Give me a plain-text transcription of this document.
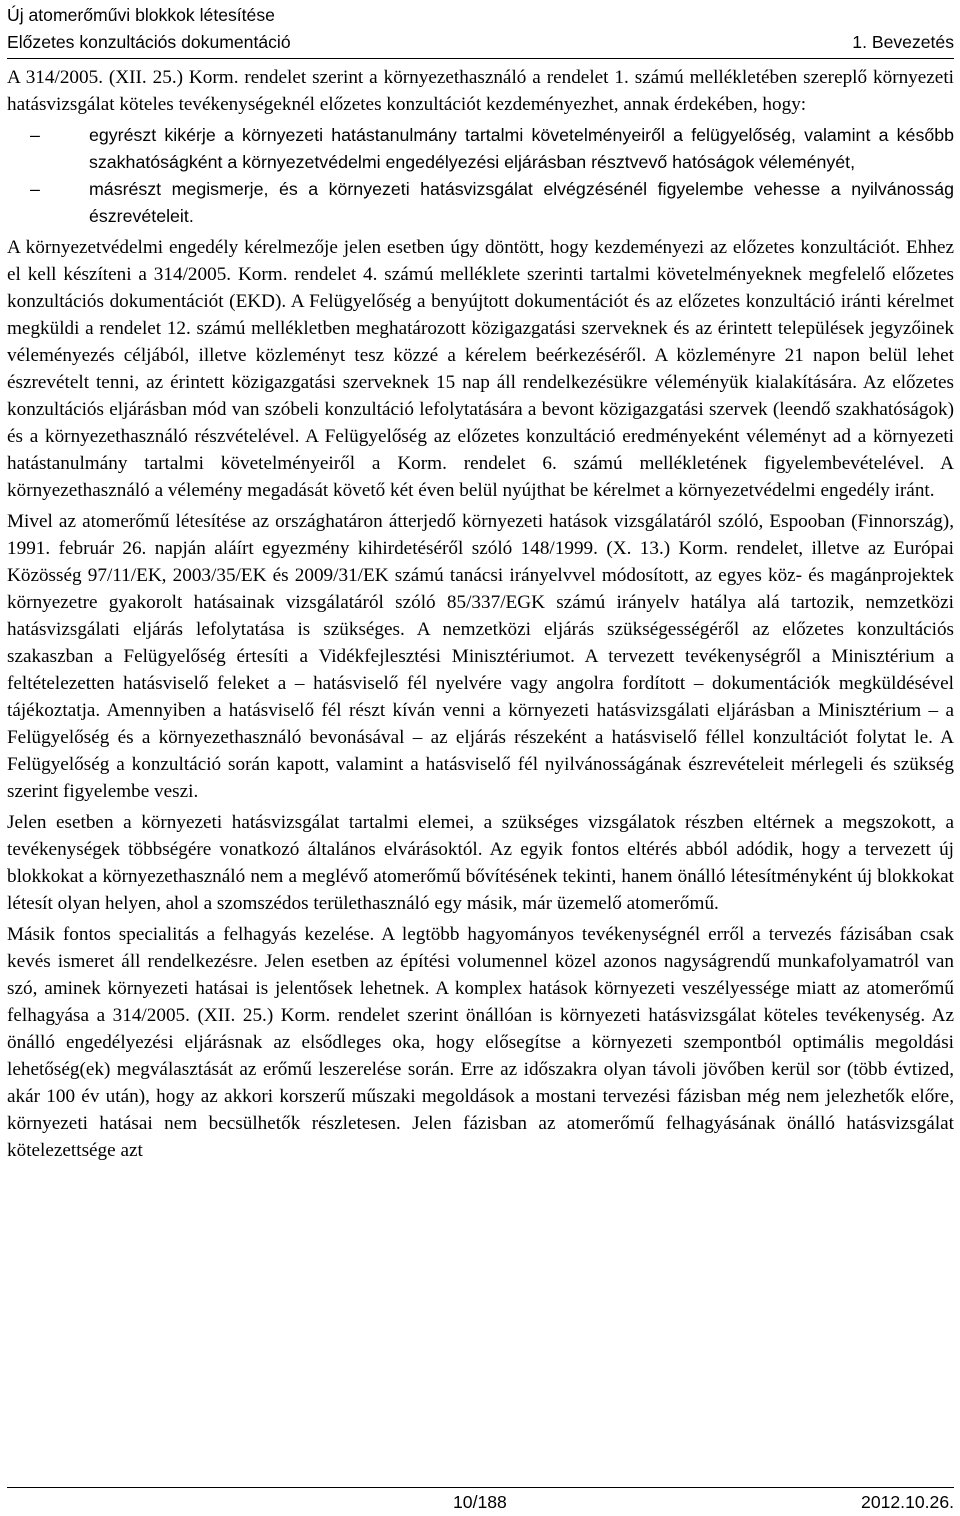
Új atomerőművi blokkok létesítése
Előzetes konzultációs dokumentáció	1. Bevezetés

A 314/2005. (XII. 25.) Korm. rendelet szerint a környezethasználó a rendelet 1. számú mellékletében szereplő környezeti hatásvizsgálat köteles tevékenységeknél előzetes konzultációt kezdeményezhet, annak érdekében, hogy:

–	egyrészt kikérje a környezeti hatástanulmány tartalmi követelményeiről a felügyelőség, valamint a később szakhatóságként a környezetvédelmi engedélyezési eljárásban résztvevő hatóságok véleményét,
–	másrészt megismerje, és a környezeti hatásvizsgálat elvégzésénél figyelembe vehesse a nyilvánosság észrevételeit.

A környezetvédelmi engedély kérelmezője jelen esetben úgy döntött, hogy kezdeményezi az előzetes konzultációt. Ehhez el kell készíteni a 314/2005. Korm. rendelet 4. számú melléklete szerinti tartalmi követelményeknek megfelelő előzetes konzultációs dokumentációt (EKD). A Felügyelőség a benyújtott dokumentációt és az előzetes konzultáció iránti kérelmet megküldi a rendelet 12. számú mellékletben meghatározott közigazgatási szerveknek és az érintett települések jegyzőinek véleményezés céljából, illetve közleményt tesz közzé a kérelem beérkezéséről. A közleményre 21 napon belül lehet észrevételt tenni, az érintett közigazgatási szerveknek 15 nap áll rendelkezésükre véleményük kialakítására. Az előzetes konzultációs eljárásban mód van szóbeli konzultáció lefolytatására a bevont közigazgatási szervek (leendő szakhatóságok) és a környezethasználó részvételével. A Felügyelőség az előzetes konzultáció eredményeként véleményt ad a környezeti hatástanulmány tartalmi követelményeiről a Korm. rendelet 6. számú mellékletének figyelembevételével. A környezethasználó a vélemény megadását követő két éven belül nyújthat be kérelmet a környezetvédelmi engedély iránt.

Mivel az atomerőmű létesítése az országhatáron átterjedő környezeti hatások vizsgálatáról szóló, Espooban (Finnország), 1991. február 26. napján aláírt egyezmény kihirdetéséről szóló 148/1999. (X. 13.) Korm. rendelet, illetve az Európai Közösség 97/11/EK, 2003/35/EK és 2009/31/EK számú tanácsi irányelvvel módosított, az egyes köz- és magánprojektek környezetre gyakorolt hatásainak vizsgálatáról szóló 85/337/EGK számú irányelv hatálya alá tartozik, nemzetközi hatásvizsgálati eljárás lefolytatása is szükséges. A nemzetközi eljárás szükségességéről az előzetes konzultációs szakaszban a Felügyelőség értesíti a Vidékfejlesztési Minisztériumot. A tervezett tevékenységről a Minisztérium a feltételezetten hatásviselő feleket a – hatásviselő fél nyelvére vagy angolra fordított – dokumentációk megküldésével tájékoztatja. Amennyiben a hatásviselő fél részt kíván venni a környezeti hatásvizsgálati eljárásban a Minisztérium – a Felügyelőség és a környezethasználó bevonásával – az eljárás részeként a hatásviselő féllel konzultációt folytat le. A Felügyelőség a konzultáció során kapott, valamint a hatásviselő fél nyilvánosságának észrevételeit mérlegeli és szükség szerint figyelembe veszi.

Jelen esetben a környezeti hatásvizsgálat tartalmi elemei, a szükséges vizsgálatok részben eltérnek a megszokott, a tevékenységek többségére vonatkozó általános elvárásoktól. Az egyik fontos eltérés abból adódik, hogy a tervezett új blokkokat a környezethasználó nem a meglévő atomerőmű bővítésének tekinti, hanem önálló létesítményként új blokkokat létesít olyan helyen, ahol a szomszédos területhasználó egy másik, már üzemelő atomerőmű.

Másik fontos specialitás a felhagyás kezelése. A legtöbb hagyományos tevékenységnél erről a tervezés fázisában csak kevés ismeret áll rendelkezésre. Jelen esetben az építési volumennel közel azonos nagyságrendű munkafolyamatról van szó, aminek környezeti hatásai is jelentősek lehetnek. A komplex hatások környezeti veszélyessége miatt az atomerőmű felhagyása a 314/2005. (XII. 25.) Korm. rendelet szerint önállóan is környezeti hatásvizsgálat köteles tevékenység. Az önálló engedélyezési eljárásnak az elsődleges oka, hogy elősegítse a környezeti szempontból optimális megoldási lehetőség(ek) megválasztását az erőmű leszerelése során. Erre az időszakra olyan távoli jövőben kerül sor (több évtized, akár 100 év után), hogy az akkori korszerű műszaki megoldások a mostani tervezési fázisban még nem jelezhetők előre, környezeti hatásai nem becsülhetők részletesen. Jelen fázisban az atomerőmű felhagyásának önálló hatásvizsgálat kötelezettsége azt

10/188	2012.10.26.
